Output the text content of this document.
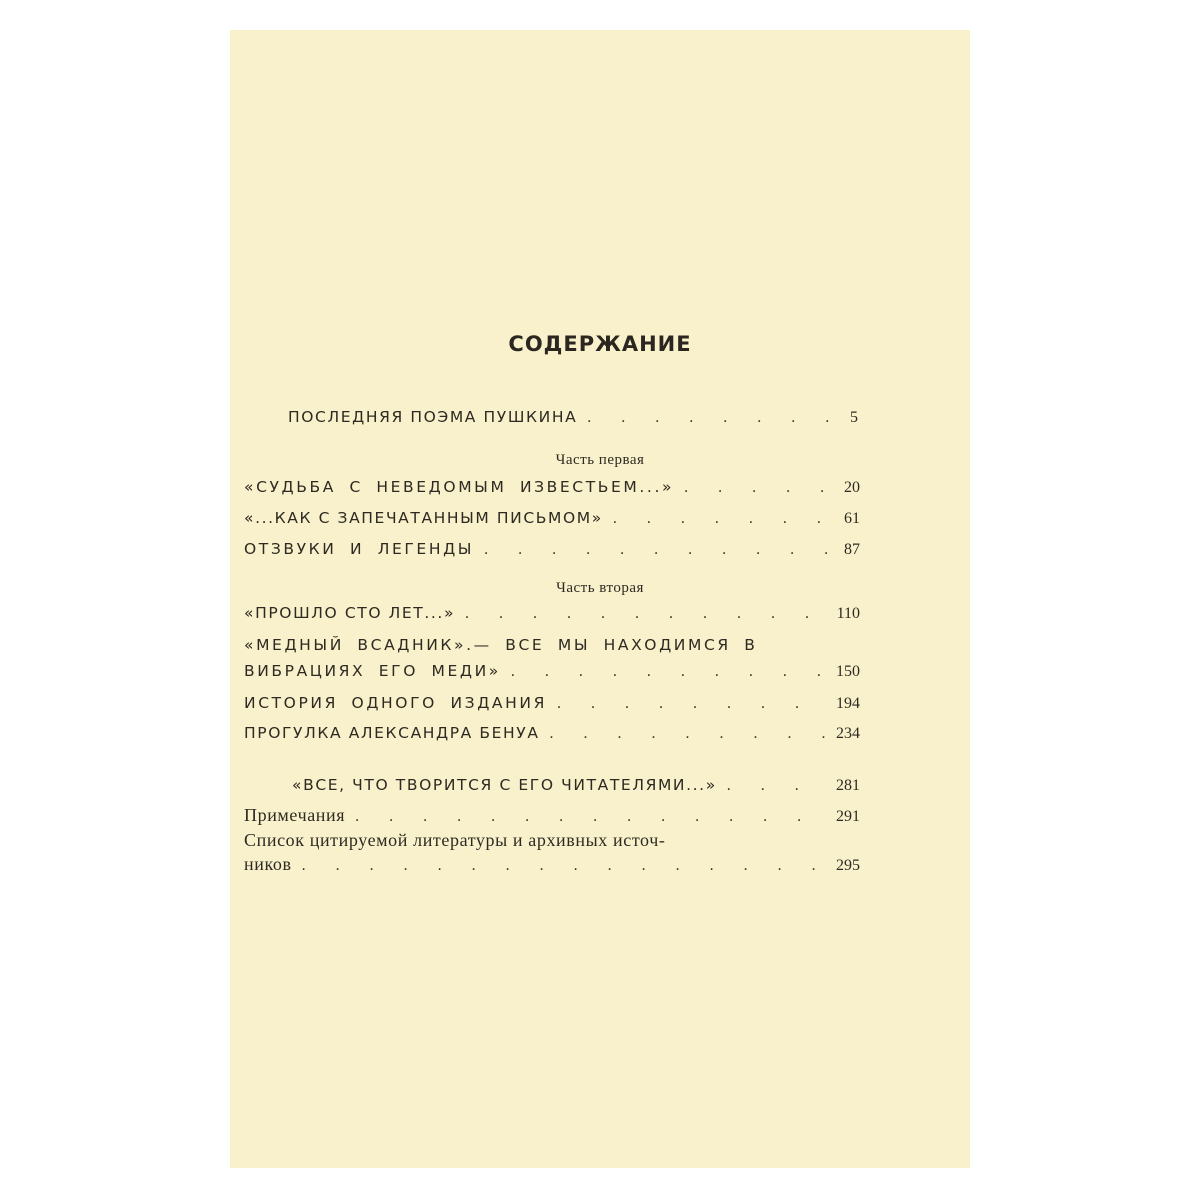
СОДЕРЖАНИЕ
ПОСЛЕДНЯЯ ПОЭМА ПУШКИНА . . .	5
Часть первая
«СУДЬБА С НЕВЕДОМЫМ ИЗВЕСТЬЕМ...» . . .	20
«...КАК С ЗАПЕЧАТАННЫМ ПИСЬМОМ» . . .	61
ОТЗВУКИ И ЛЕГЕНДЫ . . .	87
Часть вторая
«ПРОШЛО СТО ЛЕТ...» . . .	110
«МЕДНЫЙ ВСАДНИК».— ВСЕ МЫ НАХОДИМСЯ В
ВИБРАЦИЯХ ЕГО МЕДИ» . . .	150
ИСТОРИЯ ОДНОГО ИЗДАНИЯ . . .	194
ПРОГУЛКА АЛЕКСАНДРА БЕНУА . . .	234
«ВСЕ, ЧТО ТВОРИТСЯ С ЕГО ЧИТАТЕЛЯМИ...» . . .	281
Примечания . . .	291
Список цитируемой литературы и архивных источ-
ников . . .	295
